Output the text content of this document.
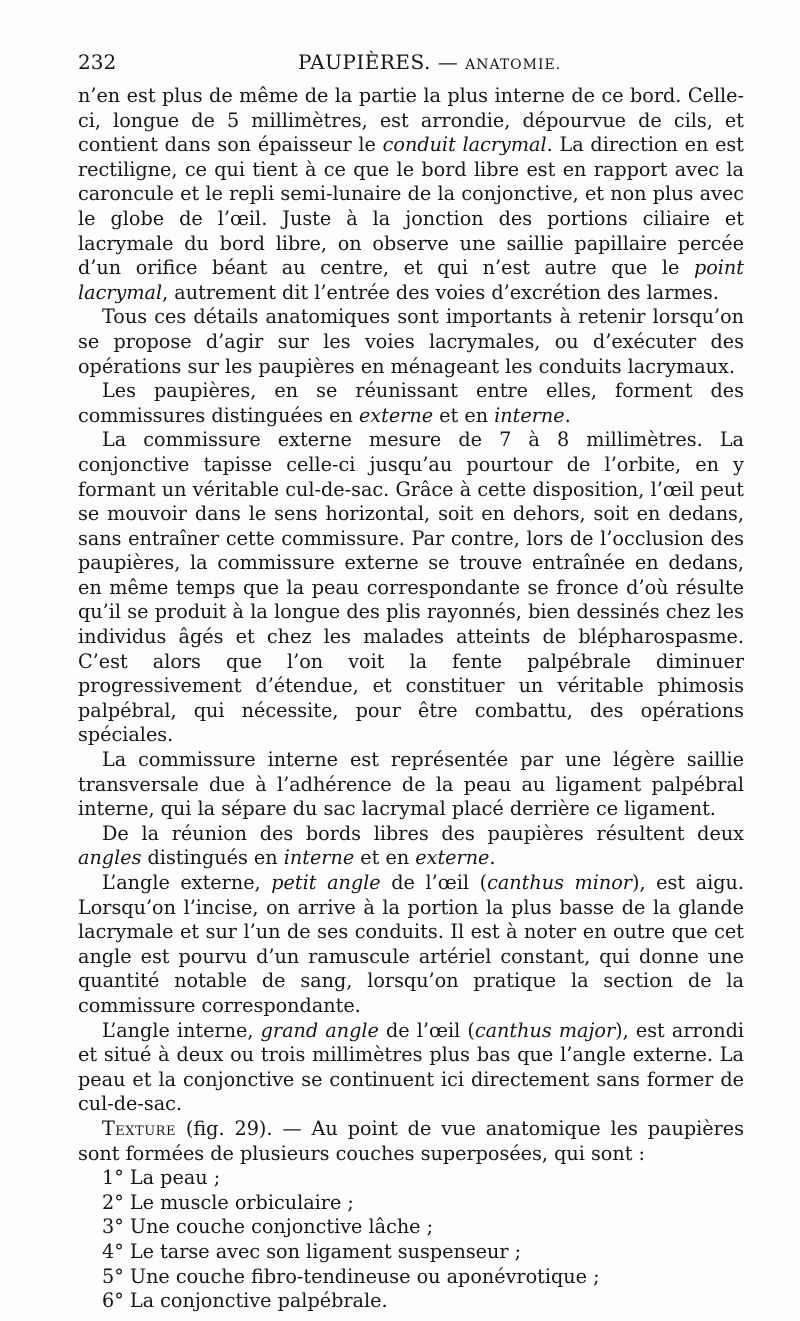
232	PAUPIÈRES. — ANATOMIE.

n’en est plus de même de la partie la plus interne de ce bord. Celle-ci, longue de 5 millimètres, est arrondie, dépourvue de cils, et contient dans son épaisseur le conduit lacrymal. La direction en est rectiligne, ce qui tient à ce que le bord libre est en rapport avec la caroncule et le repli semi-lunaire de la conjonctive, et non plus avec le globe de l’œil. Juste à la jonction des portions ciliaire et lacrymale du bord libre, on observe une saillie papillaire percée d’un orifice béant au centre, et qui n’est autre que le point lacrymal, autrement dit l’entrée des voies d’excrétion des larmes.

Tous ces détails anatomiques sont importants à retenir lorsqu’on se propose d’agir sur les voies lacrymales, ou d’exécuter des opérations sur les paupières en ménageant les conduits lacrymaux.

Les paupières, en se réunissant entre elles, forment des commissures distinguées en externe et en interne.

La commissure externe mesure de 7 à 8 millimètres. La conjonctive tapisse celle-ci jusqu’au pourtour de l’orbite, en y formant un véritable cul-de-sac. Grâce à cette disposition, l’œil peut se mouvoir dans le sens horizontal, soit en dehors, soit en dedans, sans entraîner cette commissure. Par contre, lors de l’occlusion des paupières, la commissure externe se trouve entraînée en dedans, en même temps que la peau correspondante se fronce d’où résulte qu’il se produit à la longue des plis rayonnés, bien dessinés chez les individus âgés et chez les malades atteints de blépharospasme. C’est alors que l’on voit la fente palpébrale diminuer progressivement d’étendue, et constituer un véritable phimosis palpébral, qui nécessite, pour être combattu, des opérations spéciales.

La commissure interne est représentée par une légère saillie transversale due à l’adhérence de la peau au ligament palpébral interne, qui la sépare du sac lacrymal placé derrière ce ligament.

De la réunion des bords libres des paupières résultent deux angles distingués en interne et en externe.

L’angle externe, petit angle de l’œil (canthus minor), est aigu. Lorsqu’on l’incise, on arrive à la portion la plus basse de la glande lacrymale et sur l’un de ses conduits. Il est à noter en outre que cet angle est pourvu d’un ramuscule artériel constant, qui donne une quantité notable de sang, lorsqu’on pratique la section de la commissure correspondante.

L’angle interne, grand angle de l’œil (canthus major), est arrondi et situé à deux ou trois millimètres plus bas que l’angle externe. La peau et la conjonctive se continuent ici directement sans former de cul-de-sac.

Texture (fig. 29). — Au point de vue anatomique les paupières sont formées de plusieurs couches superposées, qui sont :

1° La peau ;
2° Le muscle orbiculaire ;
3° Une couche conjonctive lâche ;
4° Le tarse avec son ligament suspenseur ;
5° Une couche fibro-tendineuse ou aponévrotique ;
6° La conjonctive palpébrale.
